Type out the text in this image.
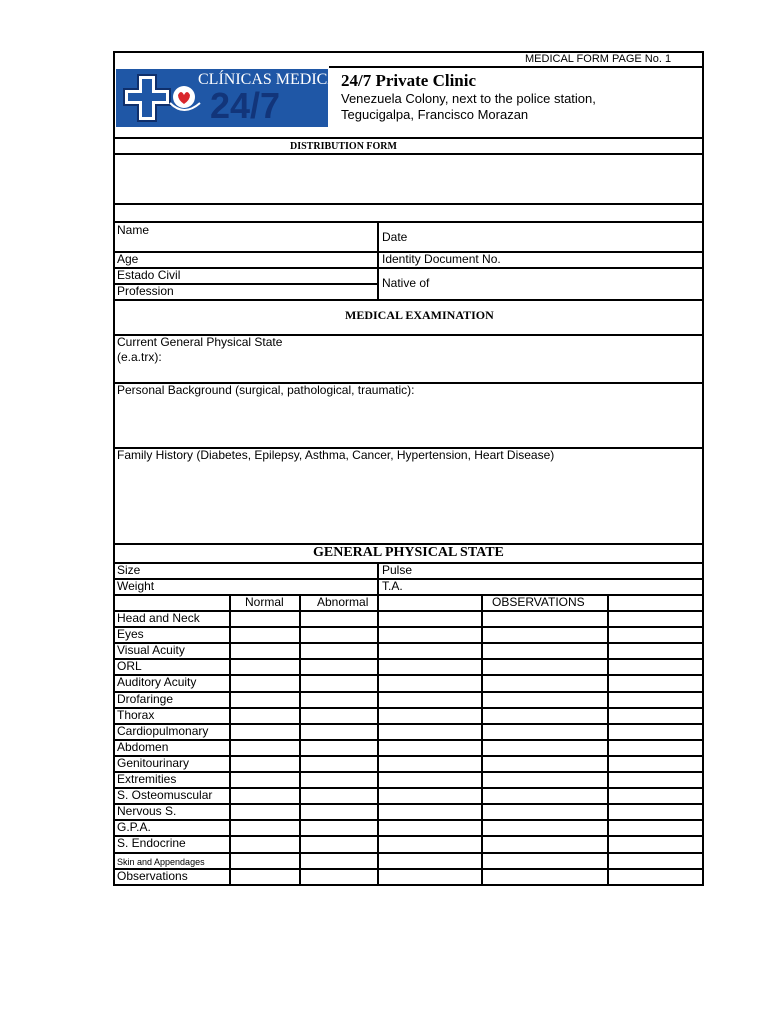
CLÍNICAS MEDICAS
24/7
MEDICAL FORM PAGE No. 1
24/7 Private Clinic
Venezuela Colony, next to the police station,
Tegucigalpa, Francisco Morazan
DISTRIBUTION FORM
Name	Date
Age	Identity Document No.
Estado Civil
Native of
Profession
MEDICAL EXAMINATION
Current General Physical State
(e.a.trx):
Personal Background (surgical, pathological, traumatic):
Family History (Diabetes, Epilepsy, Asthma, Cancer, Hypertension, Heart Disease)
GENERAL PHYSICAL STATE
Size	Pulse
Weight	T.A.
Normal	Abnormal	OBSERVATIONS
Head and Neck
Eyes
Visual Acuity
ORL
Auditory Acuity
Drofaringe
Thorax
Cardiopulmonary
Abdomen
Genitourinary
Extremities
S. Osteomuscular
Nervous S.
G.P.A.
S. Endocrine
Skin and Appendages
Observations
